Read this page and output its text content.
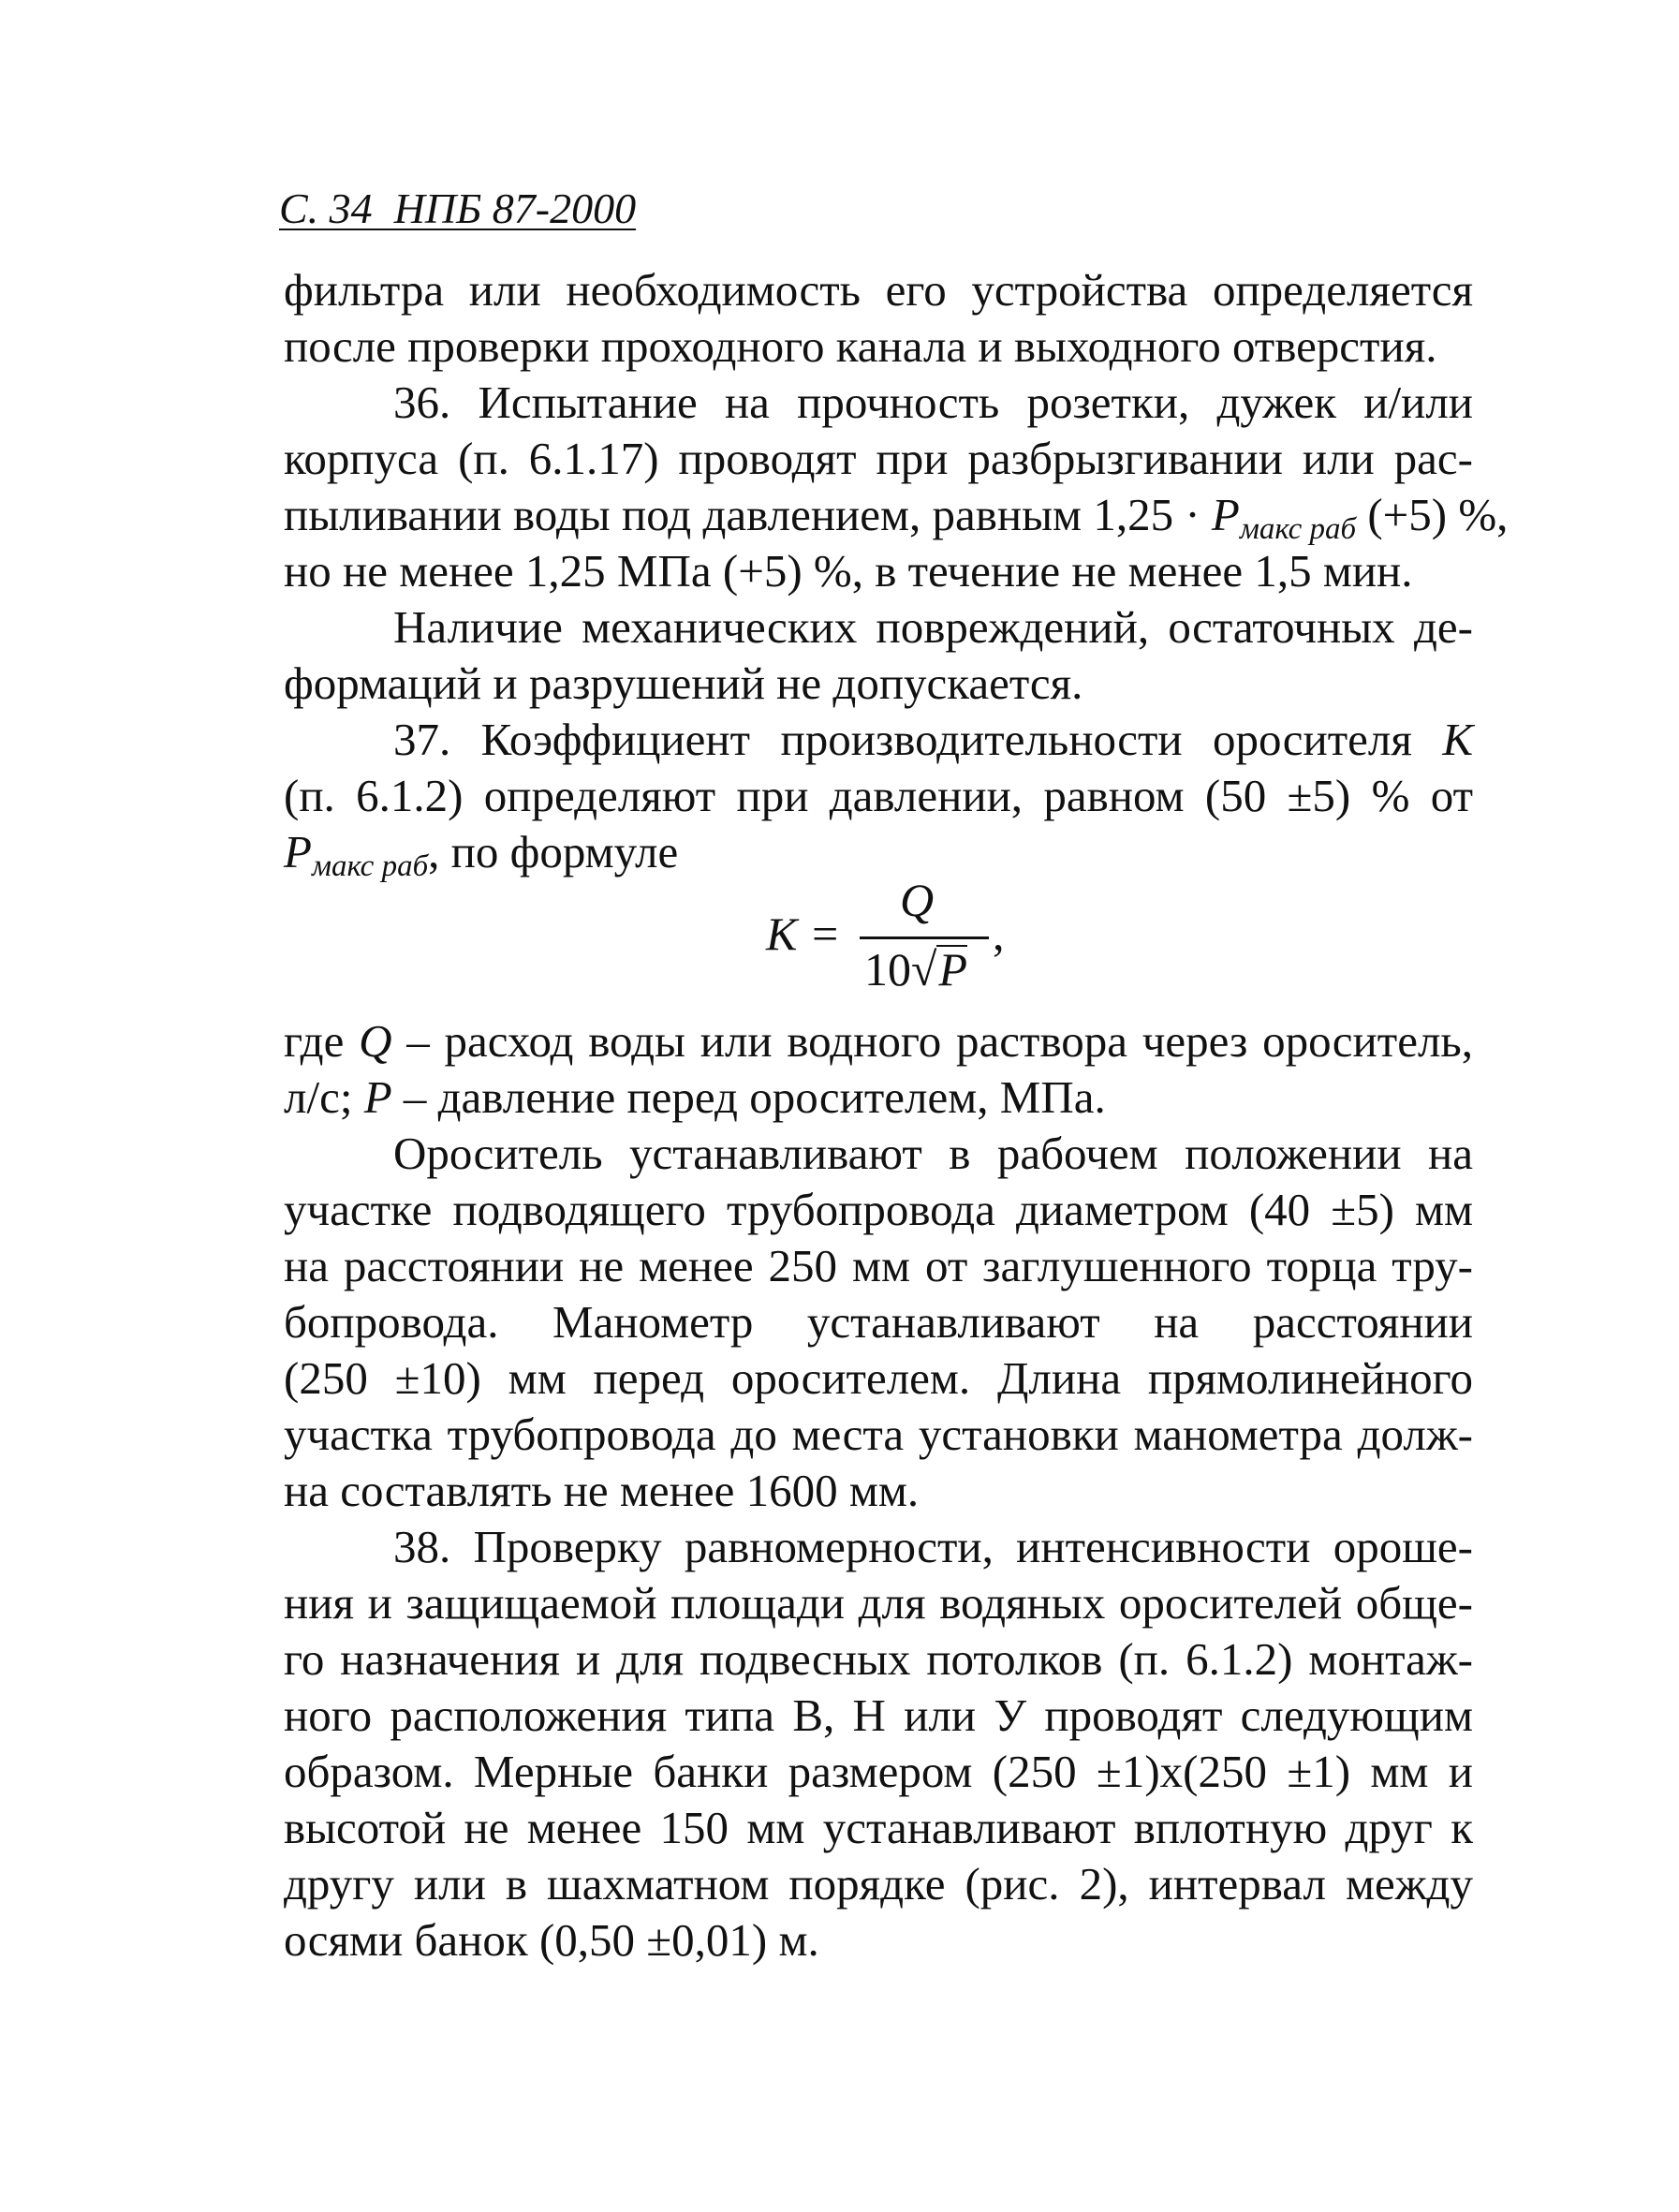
С. 34  НПБ 87-2000
фильтра или необходимость его устройства определяется
после проверки проходного канала и выходного отверстия.
36. Испытание на прочность розетки, дужек и/или
корпуса (п. 6.1.17) проводят при разбрызгивании или рас-
пыливании воды под давлением, равным $1,25 \cdot P_{макс раб}$ (+5) %,
но не менее 1,25 МПа (+5) %, в течение не менее 1,5 мин.
Наличие механических повреждений, остаточных де-
формаций и разрушений не допускается.
37. Коэффициент производительности оросителя K
(п. 6.1.2) определяют при давлении, равном (50 ±5) % от
$P_{макс раб}$, по формуле
K =
Q
10√P
,
где Q – расход воды или водного раствора через ороситель,
л/с; P – давление перед оросителем, МПа.
Ороситель устанавливают в рабочем положении на
участке подводящего трубопровода диаметром (40 ±5) мм
на расстоянии не менее 250 мм от заглушенного торца тру-
бопровода. Манометр устанавливают на расстоянии
(250 ±10) мм перед оросителем. Длина прямолинейного
участка трубопровода до места установки манометра долж-
на составлять не менее 1600 мм.
38. Проверку равномерности, интенсивности ороше-
ния и защищаемой площади для водяных оросителей обще-
го назначения и для подвесных потолков (п. 6.1.2) монтаж-
ного расположения типа В, Н или У проводят следующим
образом. Мерные банки размером (250 ±1)х(250 ±1) мм и
высотой не менее 150 мм устанавливают вплотную друг к
другу или в шахматном порядке (рис. 2), интервал между
осями банок (0,50 ±0,01) м.
